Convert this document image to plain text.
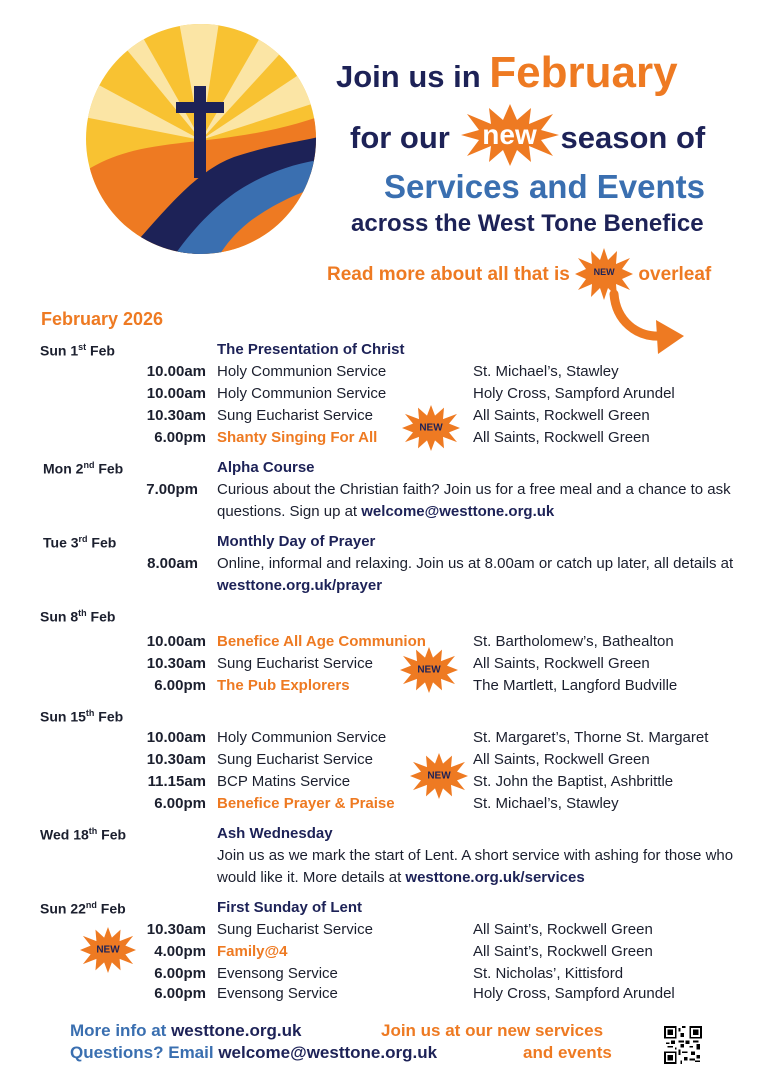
Join us in February
for our	new season of
Services and Events
across the West Tone Benefice
Read more about all that is	NEW	overleaf
February 2026
Sun 1st Feb	The Presentation of Christ
10.00am Holy Communion Service	St. Michael’s, Stawley
10.00am Holy Communion Service	Holy Cross, Sampford Arundel
10.30am Sung Eucharist Service	All Saints, Rockwell Green
6.00pm Shanty Singing For All	All Saints, Rockwell Green
NEW
Mon 2nd Feb	Alpha Course
7.00pm Curious about the Christian faith? Join us for a free meal and a chance to ask questions. Sign up at welcome@westtone.org.uk
Tue 3rd Feb	Monthly Day of Prayer
8.00am Online, informal and relaxing. Join us at 8.00am or catch up later, all details at westtone.org.uk/prayer
Sun 8th Feb
10.00am Benefice All Age Communion	St. Bartholomew’s, Bathealton
10.30am Sung Eucharist Service	All Saints, Rockwell Green
6.00pm The Pub Explorers	The Martlett, Langford Budville
NEW
Sun 15th Feb
10.00am Holy Communion Service	St. Margaret’s, Thorne St. Margaret
10.30am Sung Eucharist Service	All Saints, Rockwell Green
11.15am BCP Matins Service	St. John the Baptist, Ashbrittle
6.00pm Benefice Prayer & Praise	St. Michael’s, Stawley
NEW
Wed 18th Feb	Ash Wednesday
Join us as we mark the start of Lent. A short service with ashing for those who would like it. More details at westtone.org.uk/services
Sun 22nd Feb	First Sunday of Lent
10.30am Sung Eucharist Service	All Saint’s, Rockwell Green
4.00pm Family@4	All Saint’s, Rockwell Green
6.00pm Evensong Service	St. Nicholas’, Kittisford
6.00pm Evensong Service	Holy Cross, Sampford Arundel
NEW
More info at westtone.org.uk
Questions? Email welcome@westtone.org.uk
Join us at our new services
and events
